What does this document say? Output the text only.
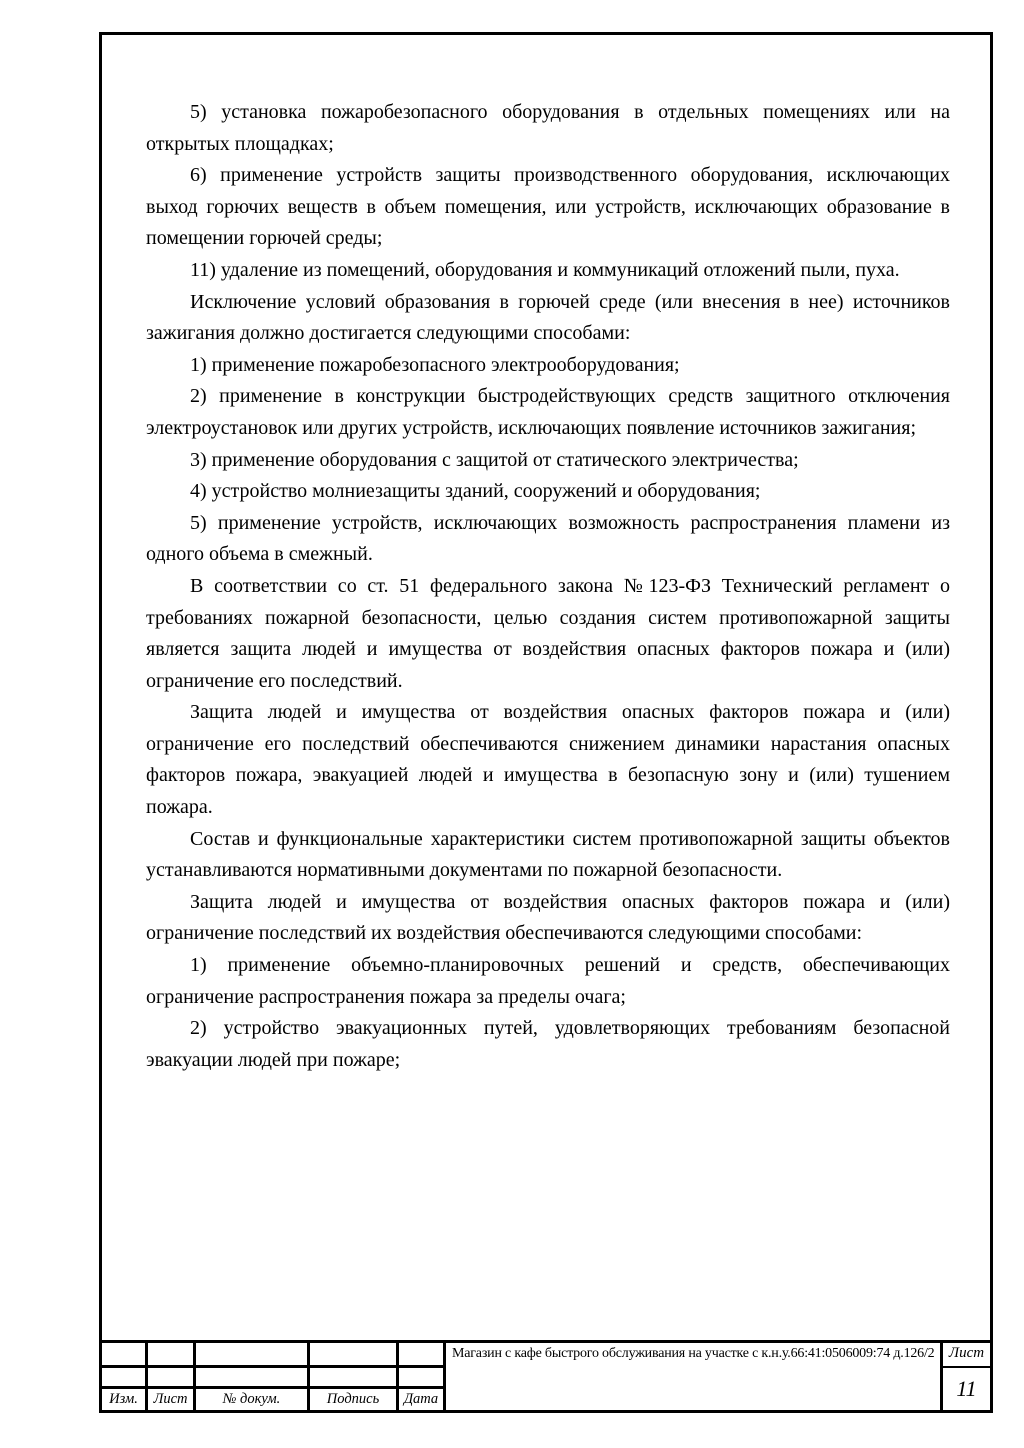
5) установка пожаробезопасного оборудования в отдельных помещениях или на открытых площадках;

6) применение устройств защиты производственного оборудования, исключающих выход горючих веществ в объем помещения, или устройств, исключающих образование в помещении горючей среды;

11) удаление из помещений, оборудования и коммуникаций отложений пыли, пуха.

Исключение условий образования в горючей среде (или внесения в нее) источников зажигания должно достигается следующими способами:

1) применение пожаробезопасного электрооборудования;

2) применение в конструкции быстродействующих средств защитного отключения электроустановок или других устройств, исключающих появление источников зажигания;

3) применение оборудования с защитой от статического электричества;

4) устройство молниезащиты зданий, сооружений и оборудования;

5) применение устройств, исключающих возможность распространения пламени из одного объема в смежный.

В соответствии со ст. 51 федерального закона №123-ФЗ Технический регламент о требованиях пожарной безопасности, целью создания систем противопожарной защиты является защита людей и имущества от воздействия опасных факторов пожара и (или) ограничение его последствий.

Защита людей и имущества от воздействия опасных факторов пожара и (или) ограничение его последствий обеспечиваются снижением динамики нарастания опасных факторов пожара, эвакуацией людей и имущества в безопасную зону и (или) тушением пожара.

Состав и функциональные характеристики систем противопожарной защиты объектов устанавливаются нормативными документами по пожарной безопасности.

Защита людей и имущества от воздействия опасных факторов пожара и (или) ограничение последствий их воздействия обеспечиваются следующими способами:

1) применение объемно-планировочных решений и средств, обеспечивающих ограничение распространения пожара за пределы очага;

2) устройство эвакуационных путей, удовлетворяющих требованиям безопасной эвакуации людей при пожаре;

Изм.	Лист	№ докум.	Подпись	Дата
Магазин с кафе быстрого обслуживания на участке с к.н.у.66:41:0506009:74 д.126/2 Лист
11
